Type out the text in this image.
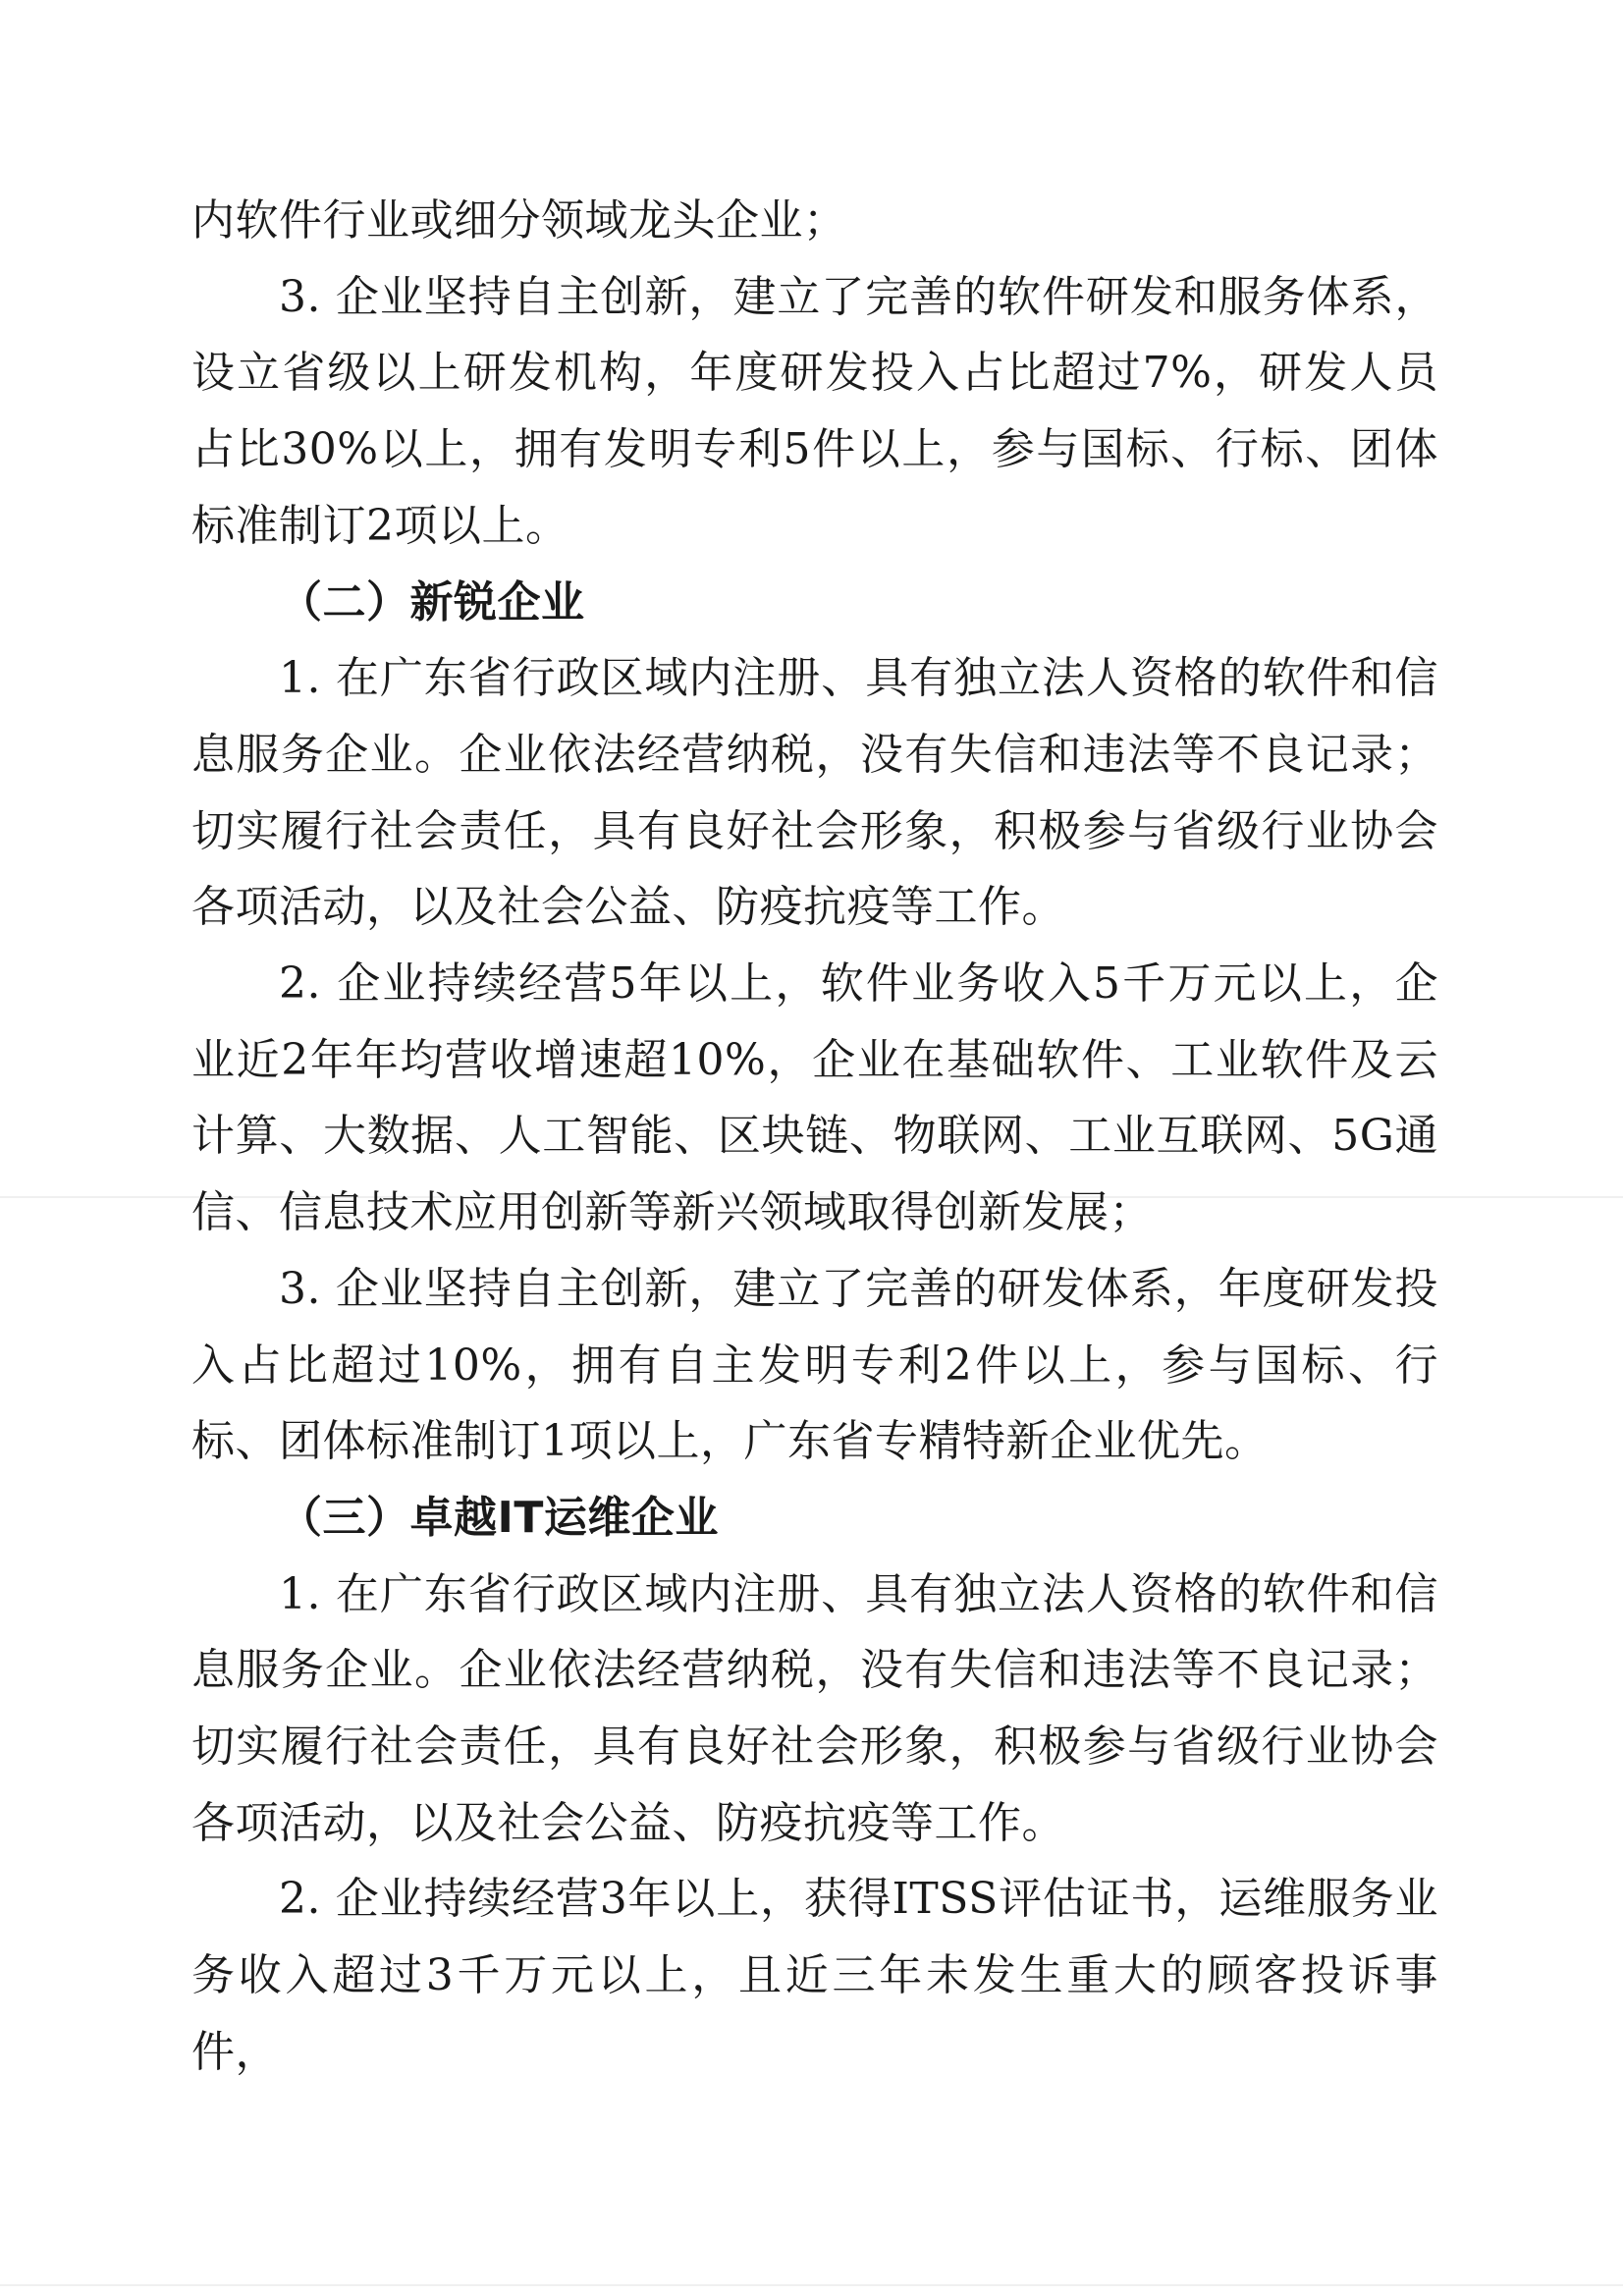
内软件行业或细分领域龙头企业；

3. 企业坚持自主创新，建立了完善的软件研发和服务体系，设立省级以上研发机构，年度研发投入占比超过7%，研发人员占比30%以上，拥有发明专利5件以上，参与国标、行标、团体标准制订2项以上。

（二）新锐企业

1. 在广东省行政区域内注册、具有独立法人资格的软件和信息服务企业。企业依法经营纳税，没有失信和违法等不良记录；切实履行社会责任，具有良好社会形象，积极参与省级行业协会各项活动，以及社会公益、防疫抗疫等工作。

2. 企业持续经营5年以上，软件业务收入5千万元以上，企业近2年年均营收增速超10%，企业在基础软件、工业软件及云计算、大数据、人工智能、区块链、物联网、工业互联网、5G通信、信息技术应用创新等新兴领域取得创新发展；

3. 企业坚持自主创新，建立了完善的研发体系，年度研发投入占比超过10%，拥有自主发明专利2件以上，参与国标、行标、团体标准制订1项以上，广东省专精特新企业优先。

（三）卓越IT运维企业

1. 在广东省行政区域内注册、具有独立法人资格的软件和信息服务企业。企业依法经营纳税，没有失信和违法等不良记录；切实履行社会责任，具有良好社会形象，积极参与省级行业协会各项活动，以及社会公益、防疫抗疫等工作。

2. 企业持续经营3年以上，获得ITSS评估证书，运维服务业务收入超过3千万元以上，且近三年未发生重大的顾客投诉事件，
